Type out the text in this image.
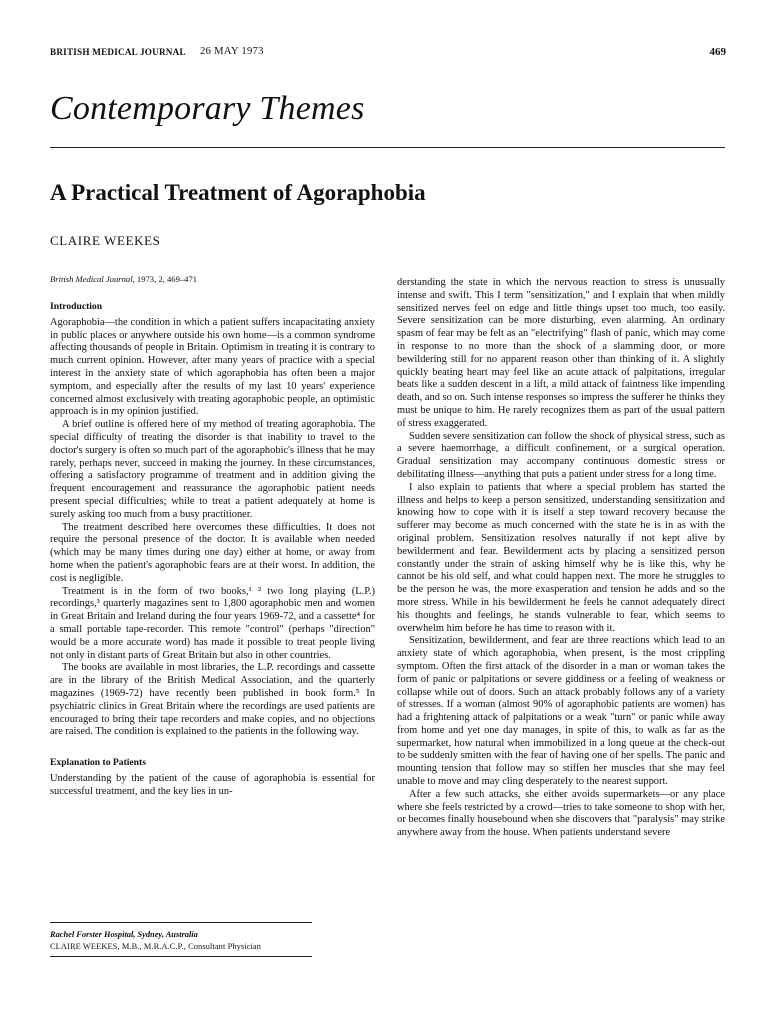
BRITISH MEDICAL JOURNAL 26 MAY 1973	469
Contemporary Themes
A Practical Treatment of Agoraphobia
CLAIRE WEEKES
British Medical Journal, 1973, 2, 469–471
Introduction

Agoraphobia—the condition in which a patient suffers incapacitating anxiety in public places or anywhere outside his own home—is a common syndrome affecting thousands of people in Britain. Optimism in treating it is contrary to much current opinion. However, after many years of practice with a special interest in the anxiety state of which agoraphobia has often been a major symptom, and especially after the results of my last 10 years' experience concerned almost exclusively with treating agoraphobic people, an optimistic approach is in my opinion justified.

A brief outline is offered here of my method of treating agoraphobia. The special difficulty of treating the disorder is that inability to travel to the doctor's surgery is often so much part of the agoraphobic's illness that he may rarely, perhaps never, succeed in making the journey. In these circumstances, offering a satisfactory programme of treatment and in addition giving the frequent encouragement and reassurance the agoraphobic patient needs present special difficulties; while to treat a patient adequately at home is surely asking too much from a busy practitioner.

The treatment described here overcomes these difficulties. It does not require the personal presence of the doctor. It is available when needed (which may be many times during one day) either at home, or away from home when the patient's agoraphobic fears are at their worst. In addition, the cost is negligible.

Treatment is in the form of two books,¹ ² two long playing (L.P.) recordings,³ quarterly magazines sent to 1,800 agoraphobic men and women in Great Britain and Ireland during the four years 1969-72, and a cassette⁴ for a small portable tape-recorder. This remote "control" (perhaps "direction" would be a more accurate word) has made it possible to treat people living not only in distant parts of Great Britain but also in other countries.

The books are available in most libraries, the L.P. recordings and cassette are in the library of the British Medical Association, and the quarterly magazines (1969-72) have recently been published in book form.⁵ In psychiatric clinics in Great Britain where the recordings are used patients are encouraged to bring their tape recorders and make copies, and no objections are raised. The condition is explained to the patients in the following way.

Explanation to Patients

Understanding by the patient of the cause of agoraphobia is essential for successful treatment, and the key lies in un-

derstanding the state in which the nervous reaction to stress is unusually intense and swift. This I term "sensitization," and I explain that when mildly sensitized nerves feel on edge and little things upset too much, too easily. Severe sensitization can be more disturbing, even alarming. An ordinary spasm of fear may be felt as an "electrifying" flash of panic, which may come in response to no more than the shock of a slamming door, or more bewildering still for no apparent reason other than thinking of it. A slightly quickly beating heart may feel like an acute attack of palpitations, irregular beats like a sudden descent in a lift, a mild attack of faintness like impending death, and so on. Such intense responses so impress the sufferer he thinks they must be unique to him. He rarely recognizes them as part of the usual pattern of stress exaggerated.

Sudden severe sensitization can follow the shock of physical stress, such as a severe haemorrhage, a difficult confinement, or a surgical operation. Gradual sensitization may accompany continuous domestic stress or debilitating illness—anything that puts a patient under stress for a long time.

I also explain to patients that where a special problem has started the illness and helps to keep a person sensitized, understanding sensitization and knowing how to cope with it is itself a step toward recovery because the sufferer may become as much concerned with the state he is in as with the original problem. Sensitization resolves naturally if not kept alive by bewilderment and fear. Bewilderment acts by placing a sensitized person constantly under the strain of asking himself why he is like this, why he cannot be his old self, and what could happen next. The more he struggles to be the person he was, the more exasperation and tension he adds and so the more stress. While in his bewilderment he feels he cannot adequately direct his thoughts and feelings, he stands vulnerable to fear, which seems to overwhelm him before he has time to reason with it.

Sensitization, bewilderment, and fear are three reactions which lead to an anxiety state of which agoraphobia, when present, is the most crippling symptom. Often the first attack of the disorder in a man or woman takes the form of panic or palpitations or severe giddiness or a feeling of weakness or collapse while out of doors. Such an attack probably follows any of a variety of stresses. If a woman (almost 90% of agoraphobic patients are women) has had a frightening attack of palpitations or a weak "turn" or panic while away from home and yet one day manages, in spite of this, to walk as far as the supermarket, how natural when immobilized in a long queue at the check-out to be suddenly smitten with the fear of having one of her spells. The panic and mounting tension that follow may so stiffen her muscles that she may feel unable to move and may cling desperately to the nearest support.

After a few such attacks, she either avoids supermarkets—or any place where she feels restricted by a crowd—tries to take someone to shop with her, or becomes finally housebound when she discovers that "paralysis" may strike anywhere away from the house. When patients understand severe

Rachel Forster Hospital, Sydney, Australia
CLAIRE WEEKES, M.B., M.R.A.C.P., Consultant Physician
